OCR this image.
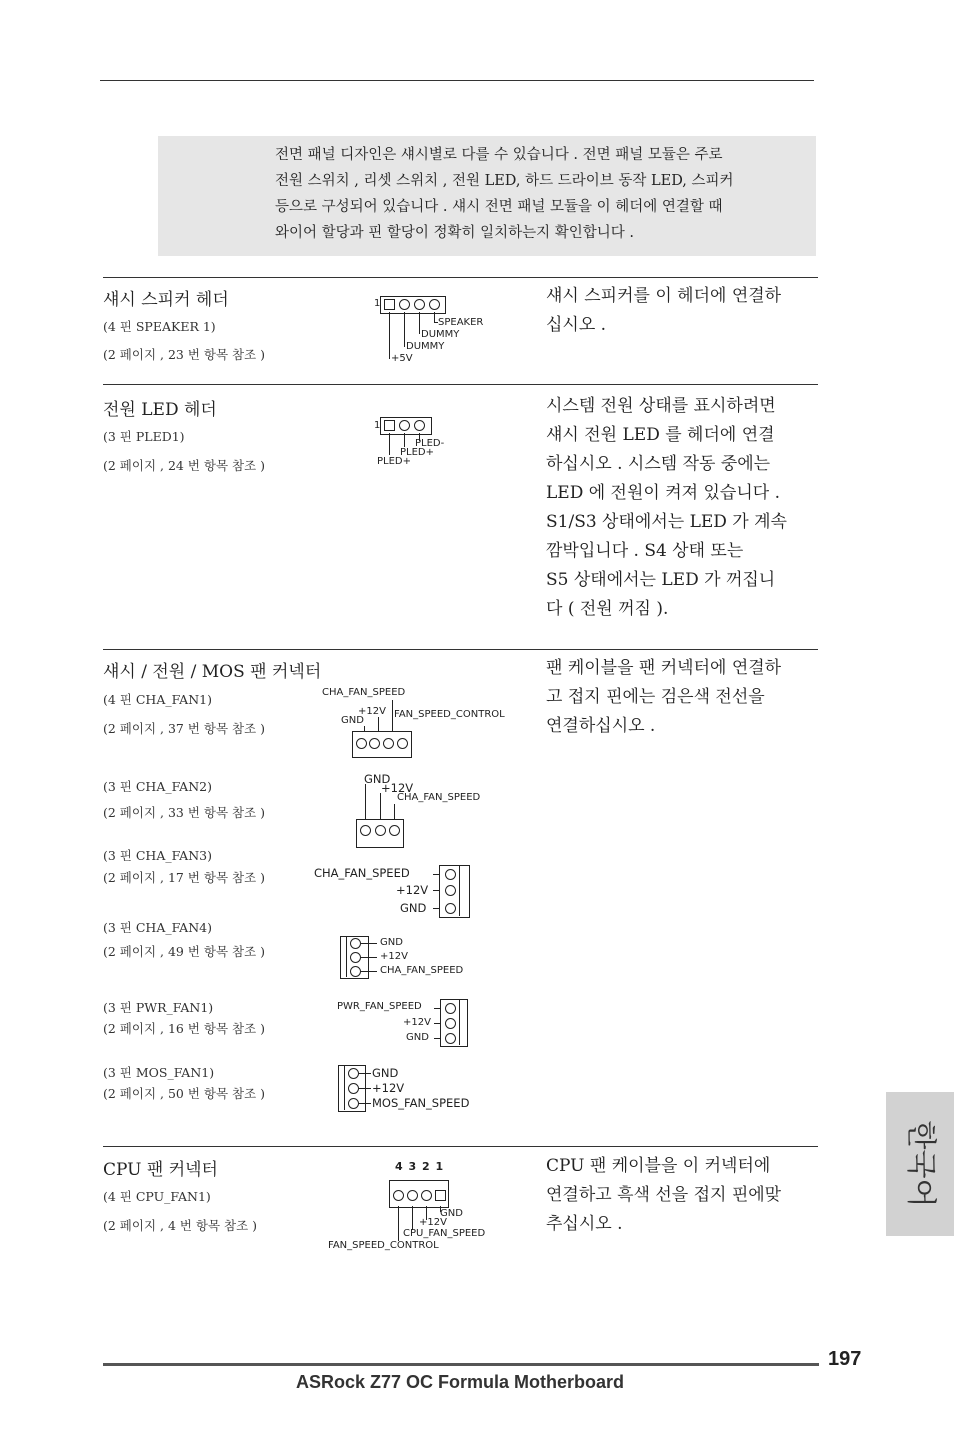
전면 패널 디자인은 섀시별로 다를 수 있습니다 . 전면 패널 모듈은 주로
전원 스위치 , 리셋 스위치 , 전원 LED, 하드 드라이브 동작 LED, 스피커
등으로 구성되어 있습니다 . 섀시 전면 패널 모듈을 이 헤더에 연결할 때
와이어 할당과 핀 할당이 정확히 일치하는지 확인합니다 .
섀시 스피커 헤더
(4 핀 SPEAKER 1)
(2 페이지 , 23 번 항목 참조 )
섀시 스피커를 이 헤더에 연결하
십시오 .
1
SPEAKER
DUMMY
DUMMY
+5V
전원 LED 헤더
(3 핀 PLED1)
(2 페이지 , 24 번 항목 참조 )
시스템 전원 상태를 표시하려면
섀시 전원 LED 를 헤더에 연결
하십시오 . 시스템 작동 중에는
LED 에 전원이 켜져 있습니다 .
S1/S3 상태에서는 LED 가 계속
깜박입니다 . S4 상태 또는
S5 상태에서는 LED 가 꺼집니
다 ( 전원 꺼짐 ).
1
PLED-
PLED+
PLED+
섀시 / 전원 / MOS 팬 커넥터	팬 케이블을 팬 커넥터에 연결하
고 접지 핀에는 검은색 전선을
연결하십시오 .
(4 핀 CHA_FAN1)
(2 페이지 , 37 번 항목 참조 )
CHA_FAN_SPEED
+12V
GND
FAN_SPEED_CONTROL
(3 핀 CHA_FAN2)
(2 페이지 , 33 번 항목 참조 )
GND
+12V
CHA_FAN_SPEED
(3 핀 CHA_FAN3)
(2 페이지 , 17 번 항목 참조 )	CHA_FAN_SPEED
+12V
GND
(3 핀 CHA_FAN4)
(2 페이지 , 49 번 항목 참조 )
GND
+12V
CHA_FAN_SPEED
(3 핀 PWR_FAN1)
(2 페이지 , 16 번 항목 참조 )
PWR_FAN_SPEED
+12V
GND
(3 핀 MOS_FAN1)
(2 페이지 , 50 번 항목 참조 )
GND
+12V
MOS_FAN_SPEED
CPU 팬 커넥터
(4 핀 CPU_FAN1)
(2 페이지 , 4 번 항목 참조 )
CPU 팬 케이블을 이 커넥터에
연결하고 흑색 선을 접지 핀에맞
추십시오 .
4 3 2 1
GND
+12V
CPU_FAN_SPEED
FAN_SPEED_CONTROL
한국어
197
ASRock Z77 OC Formula Motherboard
